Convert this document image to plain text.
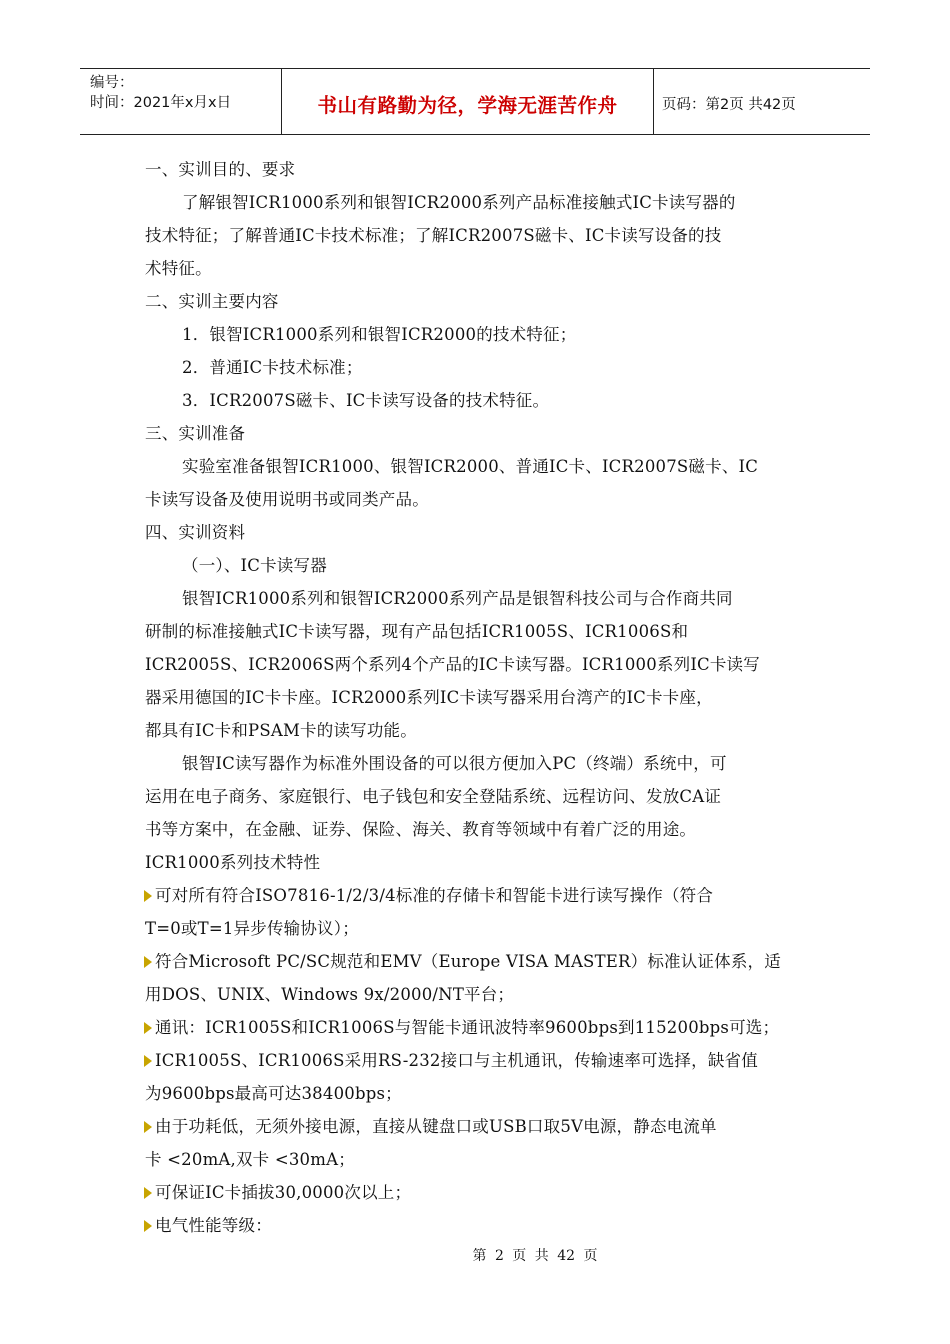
编号：
时间：2021年x月x日	书山有路勤为径，学海无涯苦作舟	页码：第2页 共42页
一、实训目的、要求
了解银智ICR1000系列和银智ICR2000系列产品标准接触式IC卡读写器的
技术特征；了解普通IC卡技术标准；了解ICR2007S磁卡、IC卡读写设备的技
术特征。
二、实训主要内容
1．银智ICR1000系列和银智ICR2000的技术特征；
2．普通IC卡技术标准；
3．ICR2007S磁卡、IC卡读写设备的技术特征。
三、实训准备
实验室准备银智ICR1000、银智ICR2000、普通IC卡、ICR2007S磁卡、IC
卡读写设备及使用说明书或同类产品。
四、实训资料
（一）、IC卡读写器
银智ICR1000系列和银智ICR2000系列产品是银智科技公司与合作商共同
研制的标准接触式IC卡读写器，现有产品包括ICR1005S、ICR1006S和
ICR2005S、ICR2006S两个系列4个产品的IC卡读写器。ICR1000系列IC卡读写
器采用德国的IC卡卡座。ICR2000系列IC卡读写器采用台湾产的IC卡卡座，
都具有IC卡和PSAM卡的读写功能。
银智IC读写器作为标准外围设备的可以很方便加入PC（终端）系统中，可
运用在电子商务、家庭银行、电子钱包和安全登陆系统、远程访问、发放CA证
书等方案中，在金融、证券、保险、海关、教育等领域中有着广泛的用途。
ICR1000系列技术特性
可对所有符合ISO7816-1/2/3/4标准的存储卡和智能卡进行读写操作（符合
T=0或T=1异步传输协议）；
符合Microsoft PC/SC规范和EMV（Europe VISA MASTER）标准认证体系，适
用DOS、UNIX、Windows 9x/2000/NT平台；
通讯：ICR1005S和ICR1006S与智能卡通讯波特率9600bps到115200bps可选；
ICR1005S、ICR1006S采用RS-232接口与主机通讯，传输速率可选择，缺省值
为9600bps最高可达38400bps；
由于功耗低，无须外接电源，直接从键盘口或USB口取5V电源，静态电流单
卡 <20mA,双卡 <30mA；
可保证IC卡插拔30,0000次以上；
电气性能等级：
第 2 页 共 42 页
